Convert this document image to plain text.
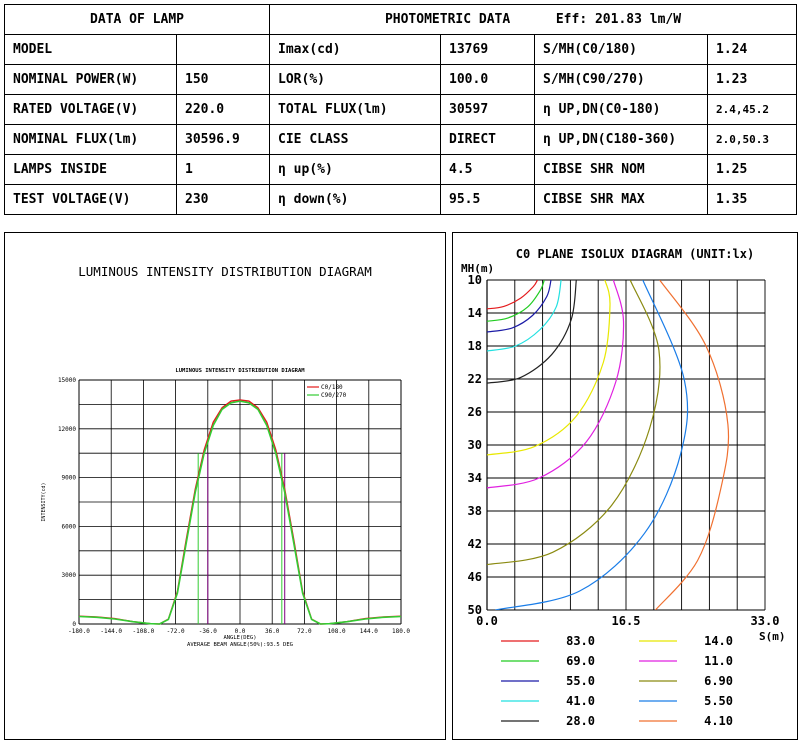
DATA OF LAMP		PHOTOMETRIC DATA Eff: 201.83 lm/W			
MODEL		Imax(cd)	13769	S/MH(C0/180)	1.24
NOMINAL POWER(W)	150	LOR(%)	100.0	S/MH(C90/270)	1.23
RATED VOLTAGE(V)	220.0	TOTAL FLUX(lm)	30597	η UP,DN(C0-180)	2.4,45.2
NOMINAL FLUX(lm)	30596.9	CIE CLASS	DIRECT	η UP,DN(C180-360)	2.0,50.3
LAMPS INSIDE	1	η up(%)	4.5	CIBSE SHR NOM	1.25
TEST VOLTAGE(V)	230	η down(%)	95.5	CIBSE SHR MAX	1.35
LUMINOUS INTENSITY DISTRIBUTION DIAGRAM
LUMINOUS INTENSITY DISTRIBUTION DIAGRAM
-180.0 -144.0 -108.0 -72.0 -36.0	0.0	36.0	72.0	108.0 144.0 180.0
0
3000
6000
9000
12000
15000
ANGLE(DEG)
AVERAGE BEAM ANGLE(50%):93.5 DEG
INTENSITY(cd)
C0/180
C90/270
C0 PLANE ISOLUX DIAGRAM (UNIT:lx)
MH(m)
S(m)
10
14
18
22
26
30
34
38
42
46
50
0.0	16.5	33.0
83.0
69.0
55.0
41.0
28.0
14.0
11.0
6.90
5.50
4.10
